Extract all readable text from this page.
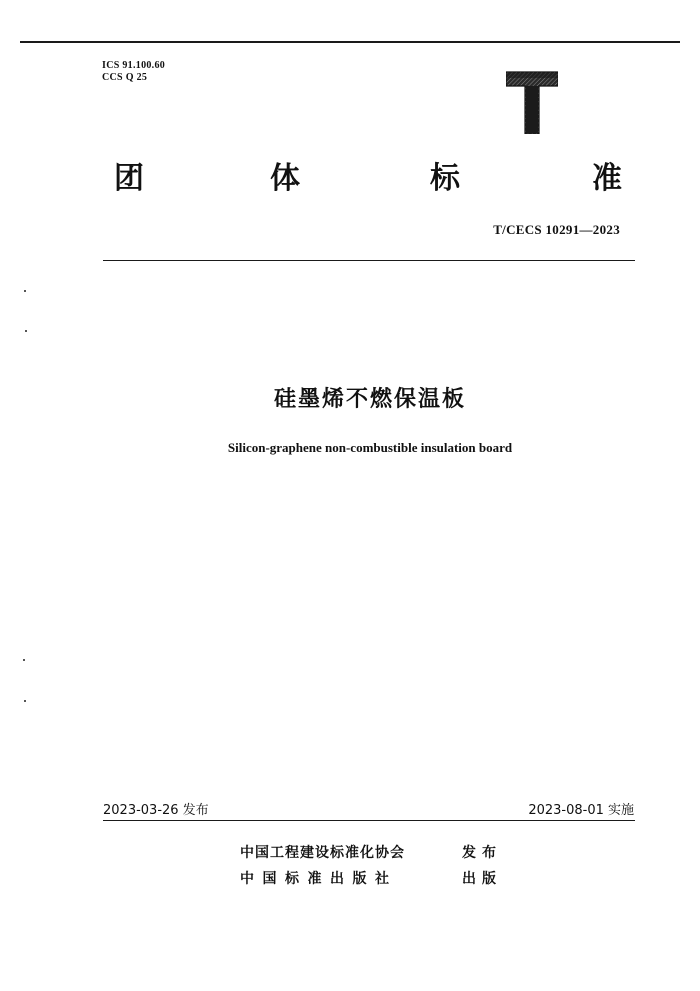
ICS 91.100.60
CCS Q 25
团	体	标	准
T/CECS 10291—2023
硅墨烯不燃保温板
Silicon-graphene non-combustible insulation board
2023-03-26 发布	2023-08-01 实施
中国工程建设标准化协会	发布
中国标准出版社	出版
